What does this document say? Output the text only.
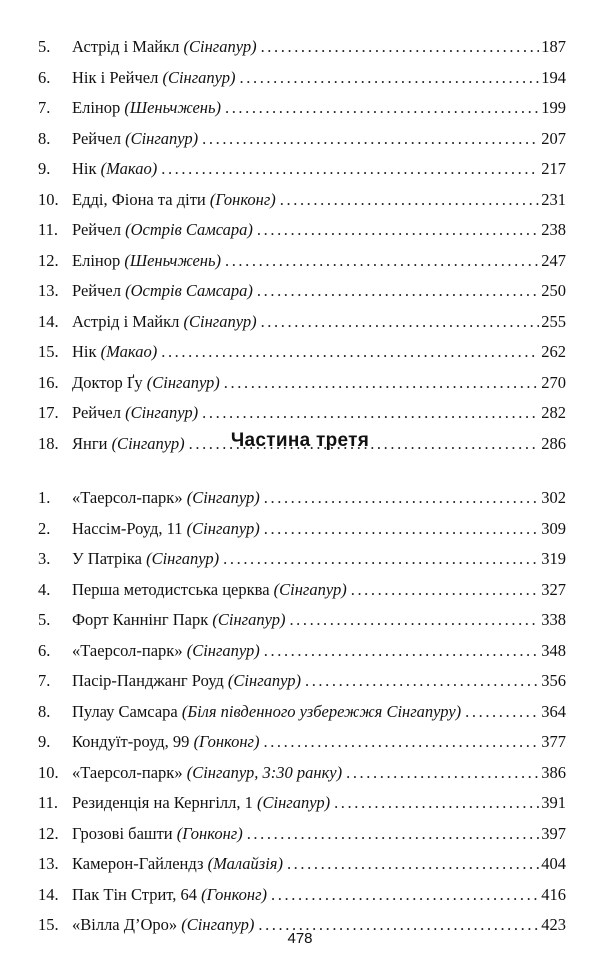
5.	Астрід і Майкл (Сінгапур) .....	187
6.	Нік і Рейчел (Сінгапур) .....	194
7.	Елінор (Шеньчжень) .....	199
8.	Рейчел (Сінгапур) .....	207
9.	Нік (Макао) .....	217
10. Едді, Фіона та діти (Гонконг) .....	231
11. Рейчел (Острів Самсара) .....	238
12. Елінор (Шеньчжень) .....	247
13. Рейчел (Острів Самсара) .....	250
14. Астрід і Майкл (Сінгапур) .....	255
15. Нік (Макао) .....	262
16. Доктор Ґу (Сінгапур) .....	270
17. Рейчел (Сінгапур) .....	282
18. Янги (Сінгапур) .....	286
Частина третя
1.	«Таерсол-парк» (Сінгапур) .....	302
2.	Нассім-Роуд, 11 (Сінгапур) .....	309
3.	У Патріка (Сінгапур) .....	319
4.	Перша методистська церква (Сінгапур) .....	327
5.	Форт Каннінг Парк (Сінгапур) .....	338
6.	«Таерсол-парк» (Сінгапур) .....	348
7.	Пасір-Панджанг Роуд (Сінгапур) .....	356
8.	Пулау Самсара (Біля південного узбережжя Сінгапуру) .....	364
9.	Кондуїт-роуд, 99 (Гонконг) .....	377
10. «Таерсол-парк» (Сінгапур, 3:30 ранку) .....	386
11. Резиденція на Кернгілл, 1 (Сінгапур) .....	391
12. Грозові башти (Гонконг) .....	397
13. Камерон-Гайлендз (Малайзія) .....	404
14. Пак Тін Стрит, 64 (Гонконг) .....	416
15. «Вілла Д’Оро» (Сінгапур) .....	423
478
